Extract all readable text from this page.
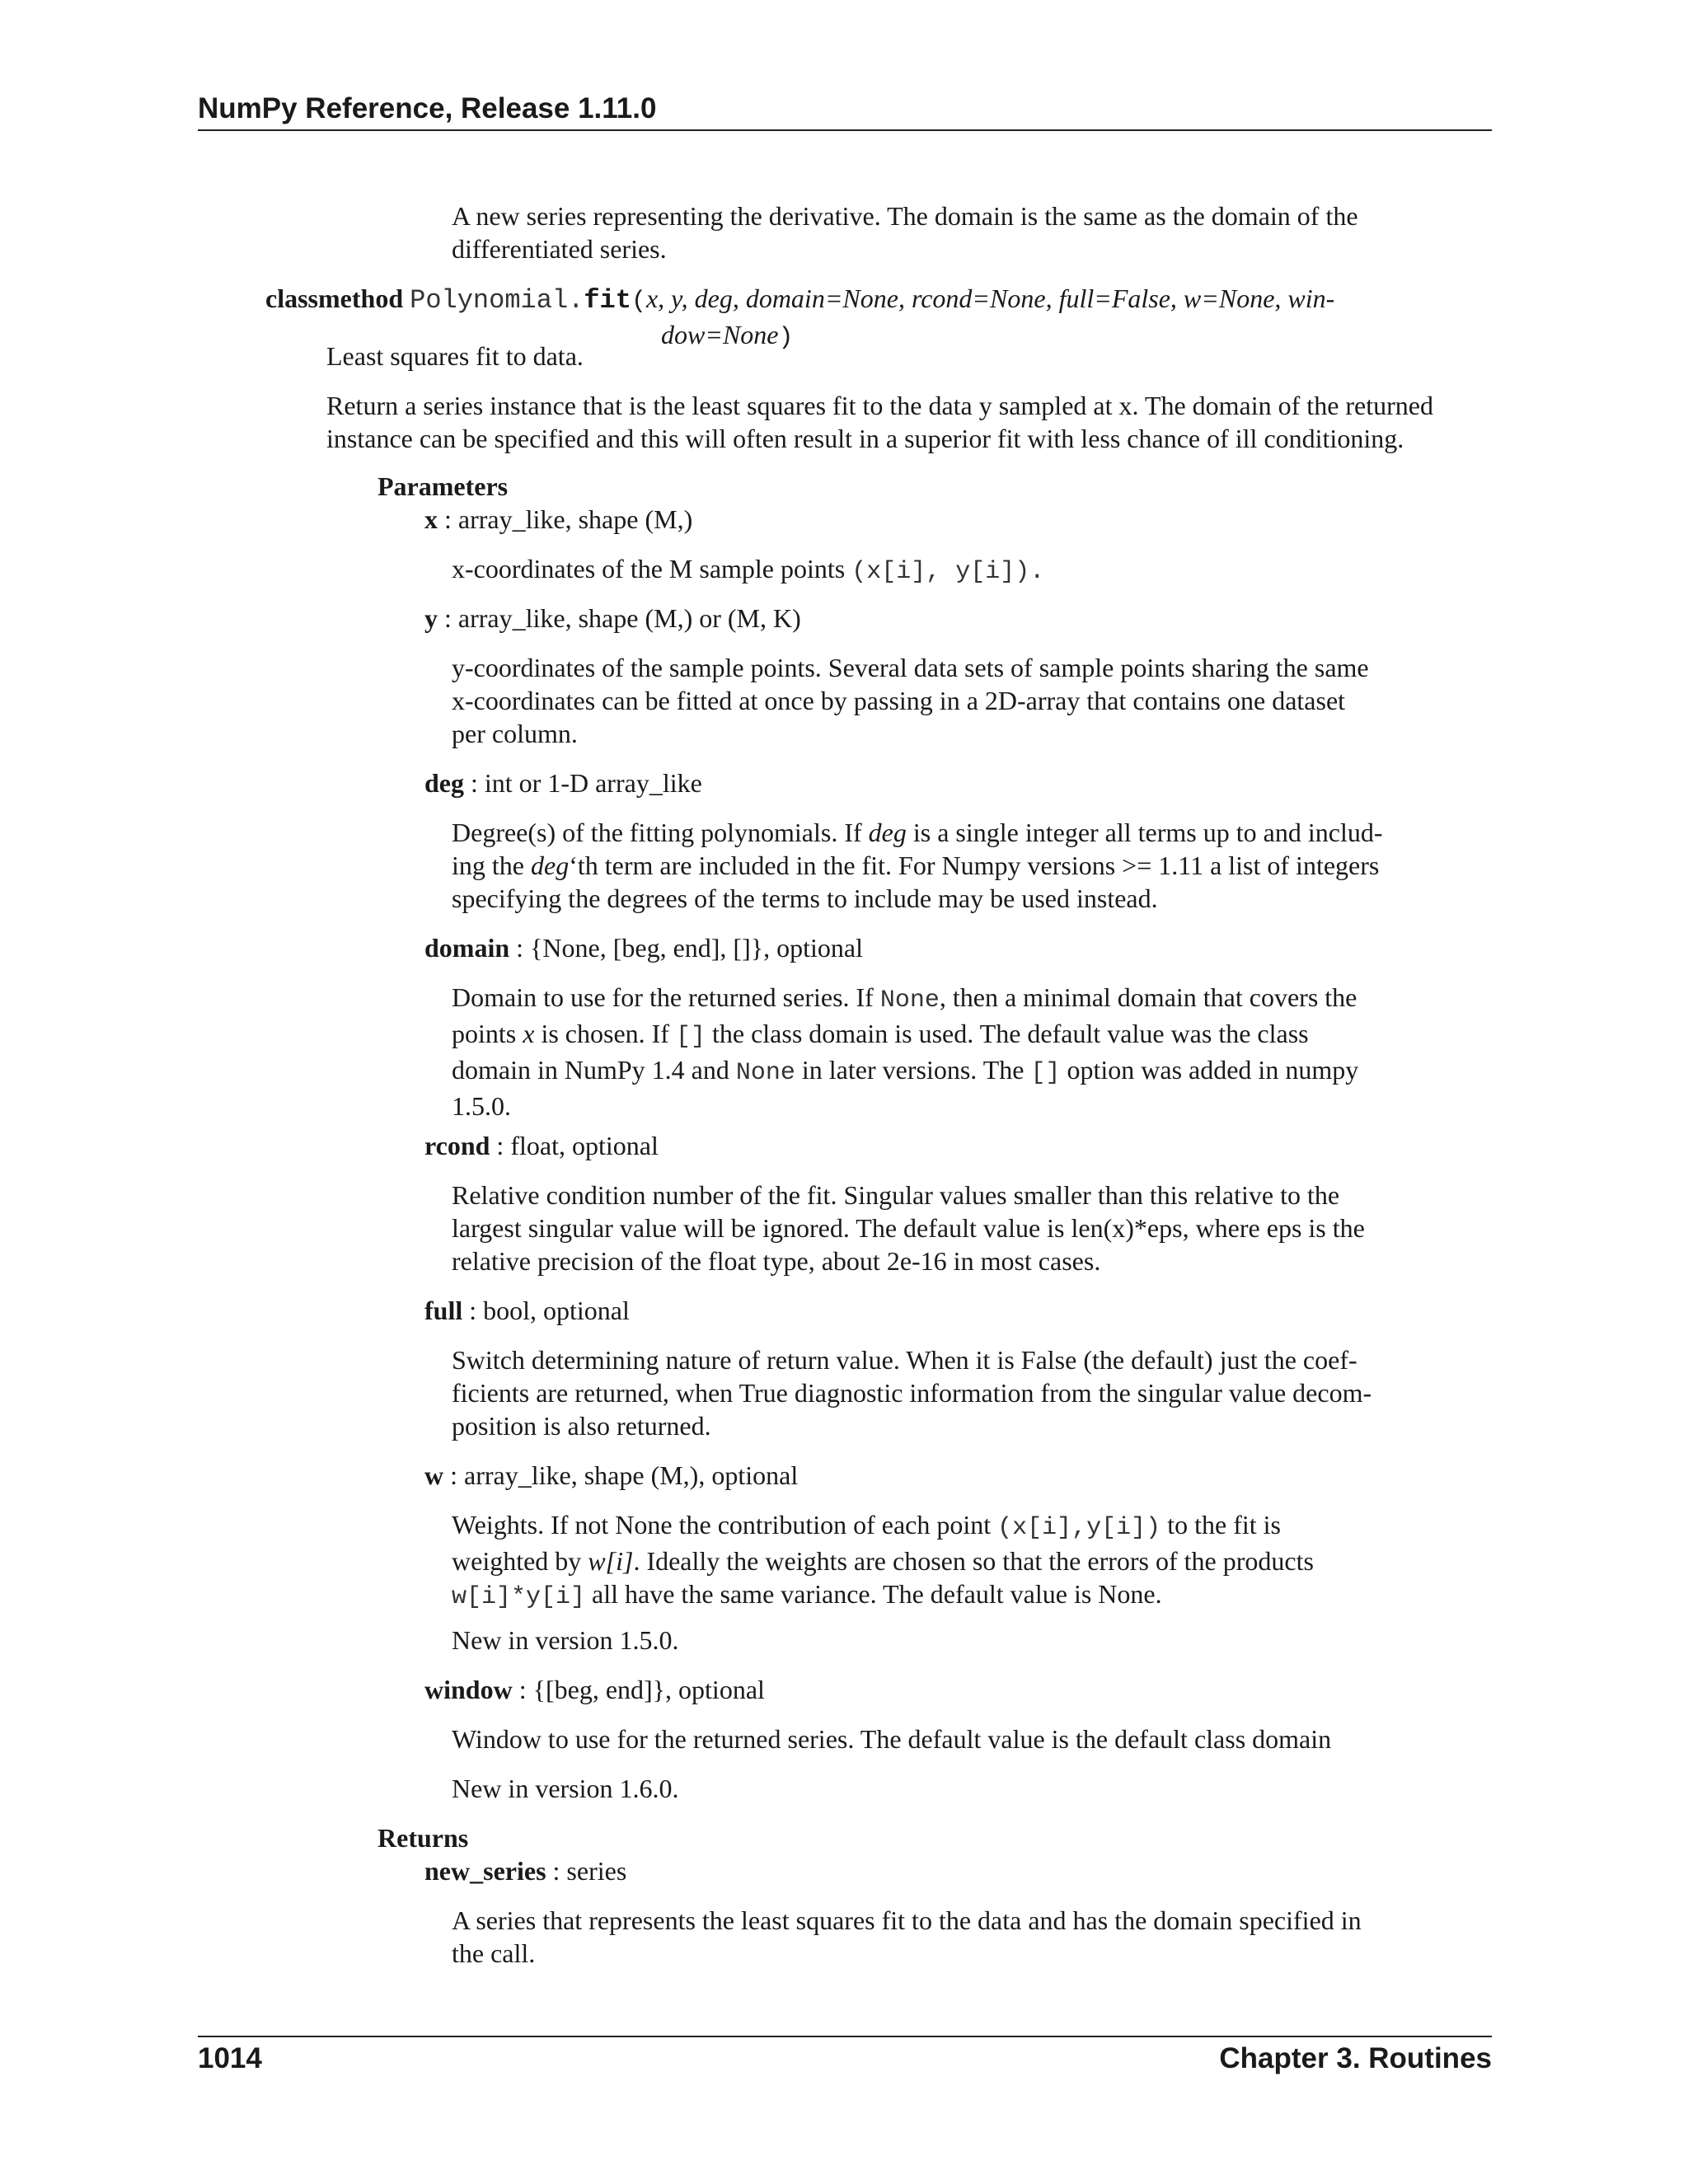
NumPy Reference, Release 1.11.0
A new series representing the derivative. The domain is the same as the domain of the
differentiated series.
classmethod Polynomial.fit(x, y, deg, domain=None, rcond=None, full=False, w=None, win-
dow=None)
Least squares fit to data.
Return a series instance that is the least squares fit to the data y sampled at x. The domain of the returned
instance can be specified and this will often result in a superior fit with less chance of ill conditioning.
Parameters
x : array_like, shape (M,)
x-coordinates of the M sample points (x[i], y[i]).
y : array_like, shape (M,) or (M, K)
y-coordinates of the sample points. Several data sets of sample points sharing the same
x-coordinates can be fitted at once by passing in a 2D-array that contains one dataset
per column.
deg : int or 1-D array_like
Degree(s) of the fitting polynomials. If deg is a single integer all terms up to and includ-
ing the deg‘th term are included in the fit. For Numpy versions >= 1.11 a list of integers
specifying the degrees of the terms to include may be used instead.
domain : {None, [beg, end], []}, optional
Domain to use for the returned series. If None, then a minimal domain that covers the
points x is chosen. If [] the class domain is used. The default value was the class
domain in NumPy 1.4 and None in later versions. The [] option was added in numpy
1.5.0.
rcond : float, optional
Relative condition number of the fit. Singular values smaller than this relative to the
largest singular value will be ignored. The default value is len(x)*eps, where eps is the
relative precision of the float type, about 2e-16 in most cases.
full : bool, optional
Switch determining nature of return value. When it is False (the default) just the coef-
ficients are returned, when True diagnostic information from the singular value decom-
position is also returned.
w : array_like, shape (M,), optional
Weights. If not None the contribution of each point (x[i],y[i]) to the fit is
weighted by w[i]. Ideally the weights are chosen so that the errors of the products
w[i]*y[i] all have the same variance. The default value is None.
New in version 1.5.0.
window : {[beg, end]}, optional
Window to use for the returned series. The default value is the default class domain
New in version 1.6.0.
Returns
new_series : series
A series that represents the least squares fit to the data and has the domain specified in
the call.
1014	Chapter 3. Routines
